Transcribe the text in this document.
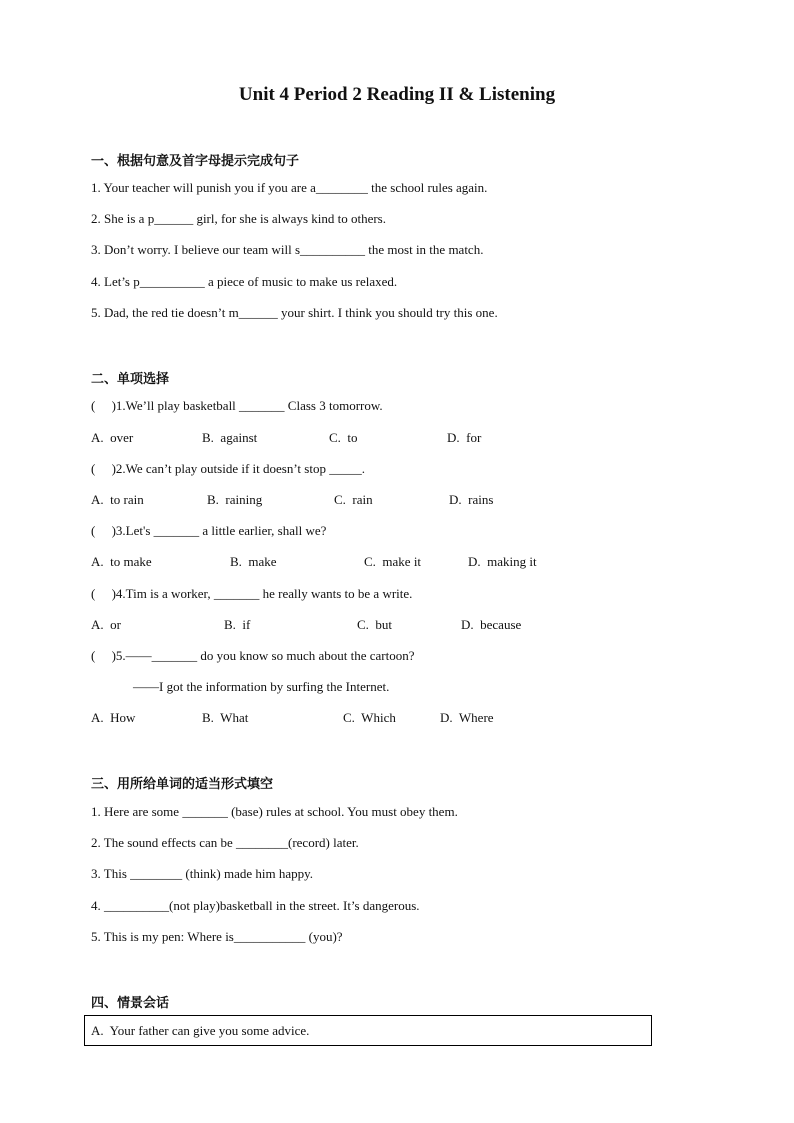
Unit 4 Period 2 Reading II & Listening
一、根据句意及首字母提示完成句子
1. Your teacher will punish you if you are a________ the school rules again.
2. She is a p______ girl, for she is always kind to others.
3. Don’t worry. I believe our team will s__________ the most in the match.
4. Let’s p__________ a piece of music to make us relaxed.
5. Dad, the red tie doesn’t m______ your shirt. I think you should try this one.
二、单项选择
(     )1.We’ll play basketball _______ Class 3 tomorrow.
A.  over	B.  against	C.  to	D.  for
(     )2.We can’t play outside if it doesn’t stop _____.
A.  to rain	B.  raining	C.  rain	D.  rains
(     )3.Let's _______ a little earlier, shall we?
A.  to make	B.  make	C.  make it	D.  making it
(     )4.Tim is a worker, _______ he really wants to be a write.
A.  or	B.  if	C.  but	D.  because
(     )5.——_______ do you know so much about the cartoon?
——I got the information by surfing the Internet.
A.  How	B.  What	C.  Which	D.  Where
三、用所给单词的适当形式填空
1. Here are some _______ (base) rules at school. You must obey them.
2. The sound effects can be ________(record) later.
3. This ________ (think) made him happy.
4. __________(not play)basketball in the street. It’s dangerous.
5. This is my pen: Where is___________ (you)?
四、情景会话
A.  Your father can give you some advice.
